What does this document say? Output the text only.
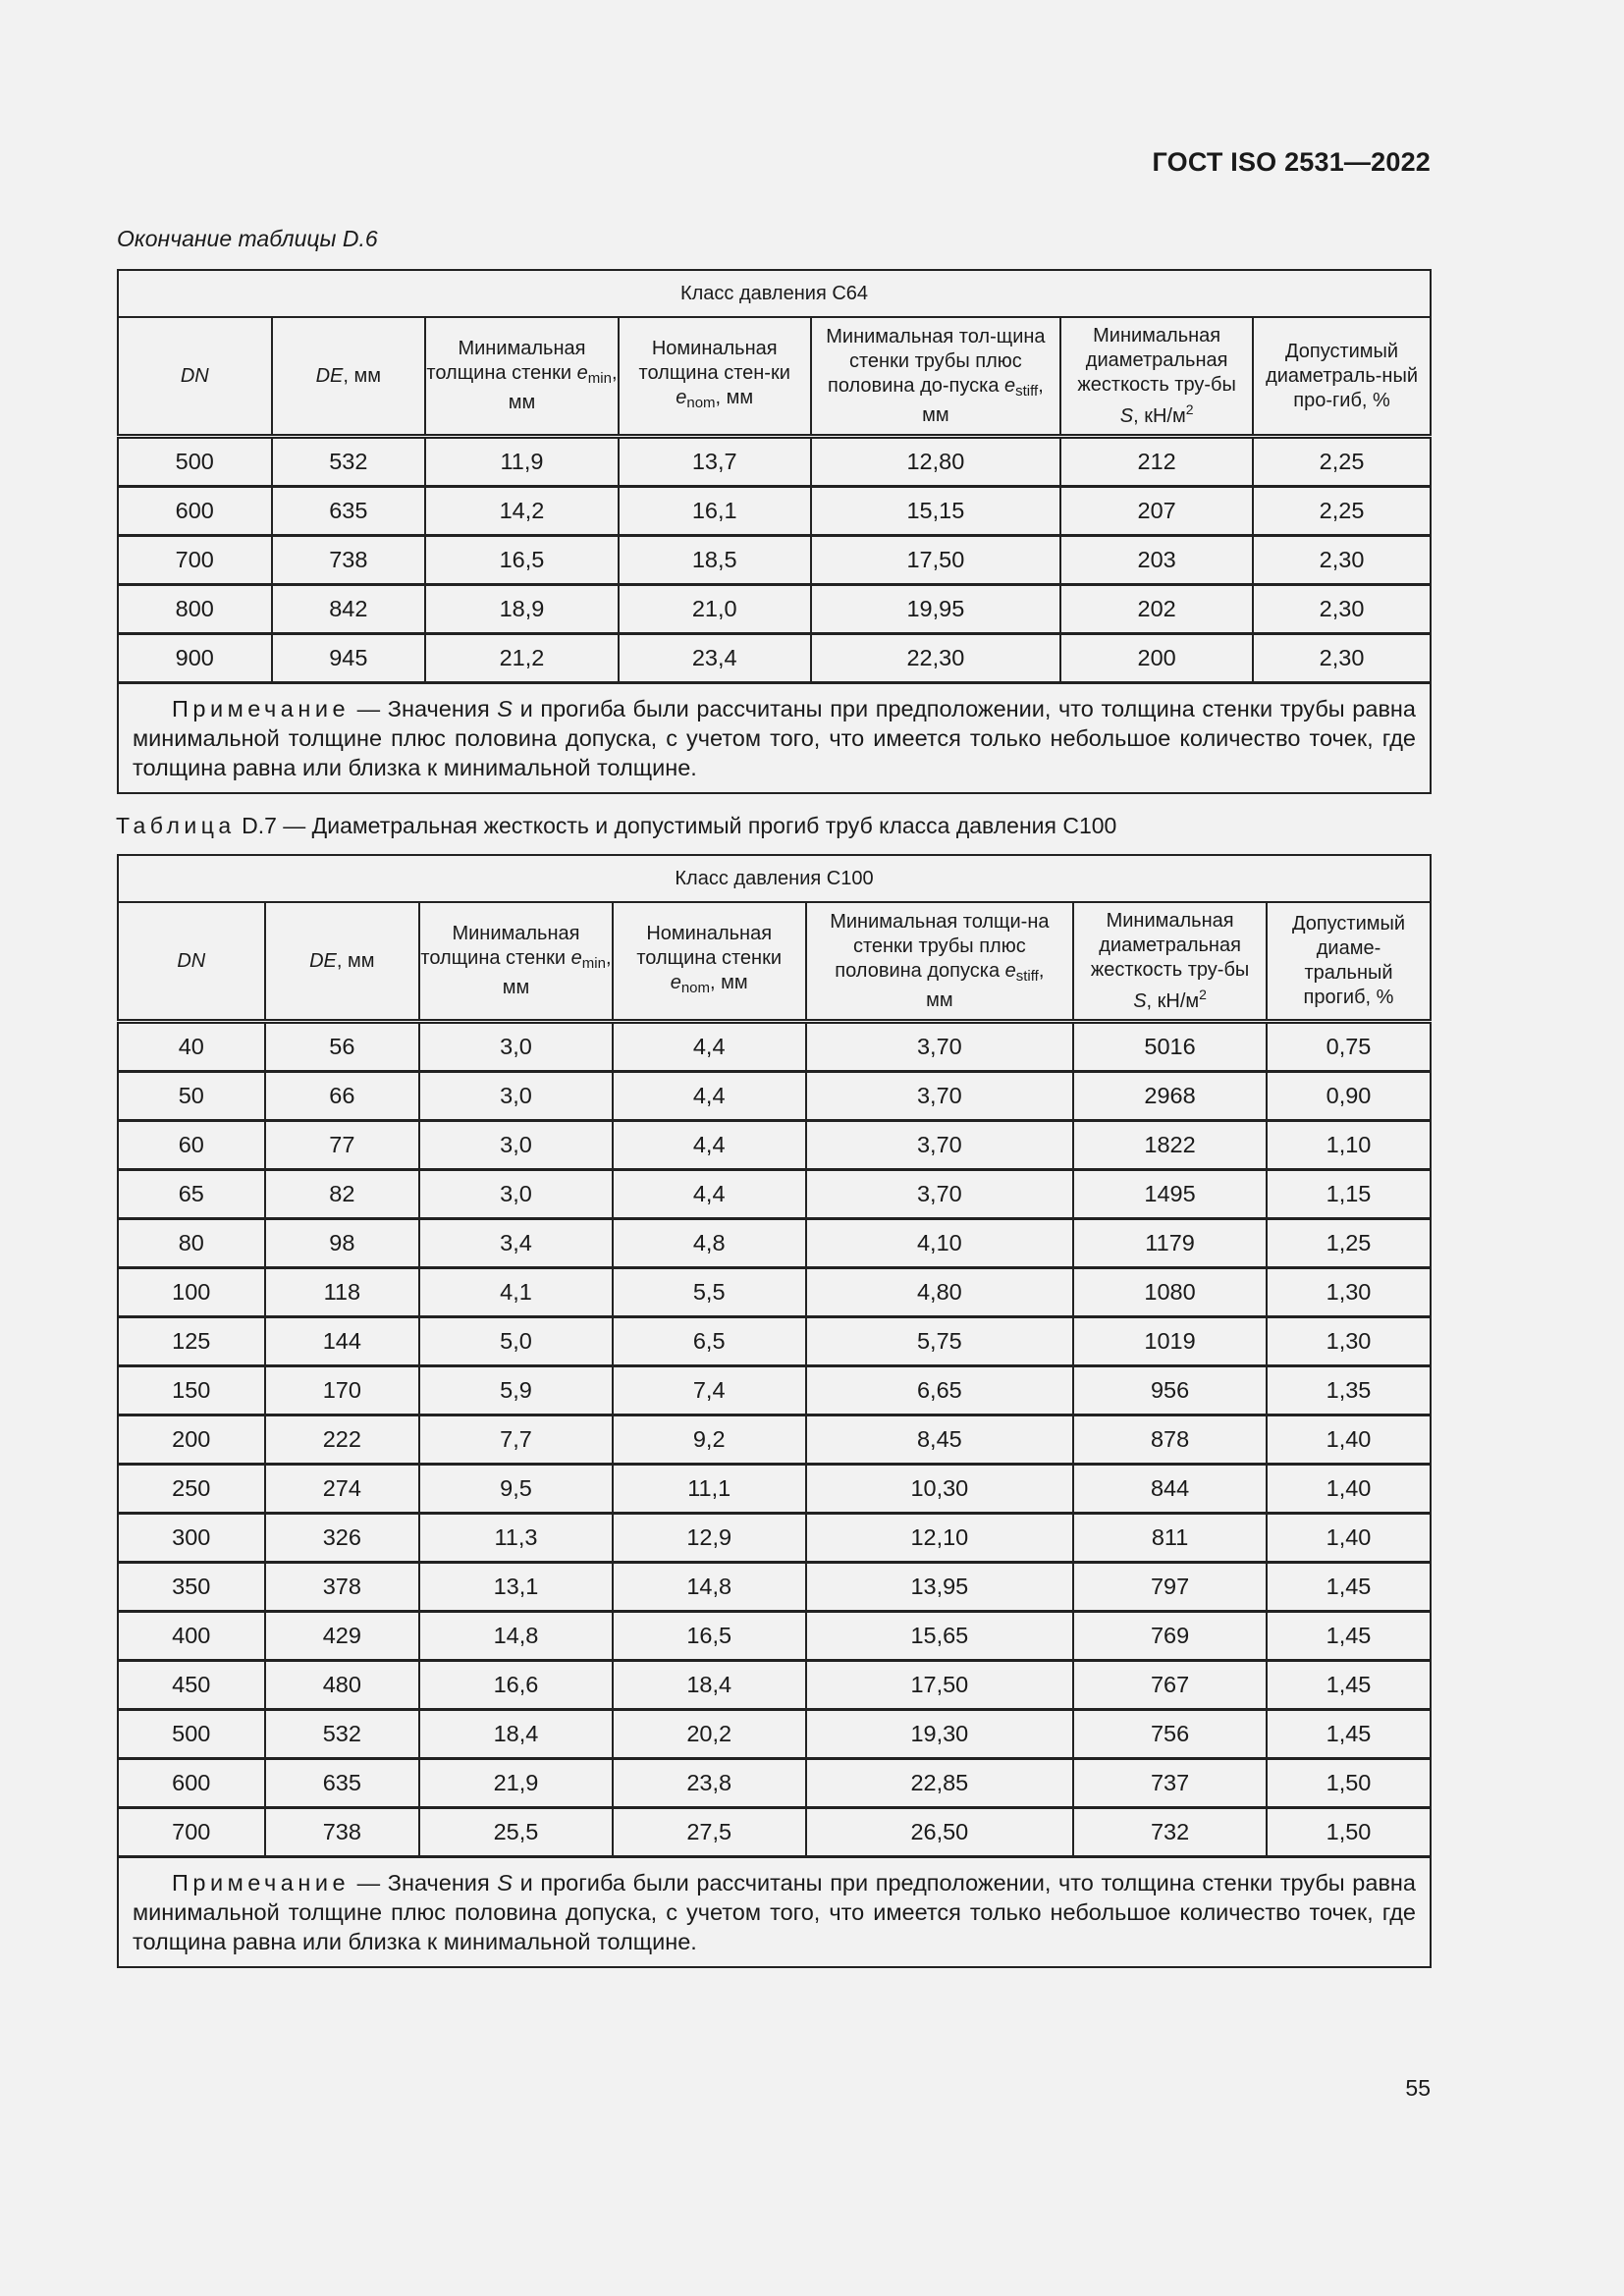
ГОСТ ISO 2531—2022
Окончание таблицы D.6
Класс давления С64						
DN	DE, мм	Минимальная толщина стенки $e_{min}$, мм	Номинальная толщина стен-ки $e_{nom}$, мм	Минимальная тол-щина стенки трубы плюс половина до-пуска $e_{stiff}$, мм	Минимальная диаметральная жесткость тру-бы S, $кН/м^2$	Допустимый диаметраль-ный про-гиб, %
500	532	11,9	13,7	12,80	212	2,25
600	635	14,2	16,1	15,15	207	2,25
700	738	16,5	18,5	17,50	203	2,30
800	842	18,9	21,0	19,95	202	2,30
900	945	21,2	23,4	22,30	200	2,30
Примечание — Значения S и прогиба были рассчитаны при предположении, что толщина стенки трубы равна минимальной толщине плюс половина допуска, с учетом того, что имеется только небольшое количество точек, где толщина равна или близка к минимальной толщине.						
Таблица D.7 — Диаметральная жесткость и допустимый прогиб труб класса давления С100
Класс давления С100						
DN	DE, мм	Минимальная толщина стенки $e_{min}$, мм	Номинальная толщина стенки $e_{nom}$, мм	Минимальная толщи-на стенки трубы плюс половина допуска $e_{stiff}$, мм	Минимальная диаметральная жесткость тру-бы S, $кН/м^2$	Допустимый диаме-тральный прогиб, %
40	56	3,0	4,4	3,70	5016	0,75
50	66	3,0	4,4	3,70	2968	0,90
60	77	3,0	4,4	3,70	1822	1,10
65	82	3,0	4,4	3,70	1495	1,15
80	98	3,4	4,8	4,10	1179	1,25
100	118	4,1	5,5	4,80	1080	1,30
125	144	5,0	6,5	5,75	1019	1,30
150	170	5,9	7,4	6,65	956	1,35
200	222	7,7	9,2	8,45	878	1,40
250	274	9,5	11,1	10,30	844	1,40
300	326	11,3	12,9	12,10	811	1,40
350	378	13,1	14,8	13,95	797	1,45
400	429	14,8	16,5	15,65	769	1,45
450	480	16,6	18,4	17,50	767	1,45
500	532	18,4	20,2	19,30	756	1,45
600	635	21,9	23,8	22,85	737	1,50
700	738	25,5	27,5	26,50	732	1,50
Примечание — Значения S и прогиба были рассчитаны при предположении, что толщина стенки трубы равна минимальной толщине плюс половина допуска, с учетом того, что имеется только небольшое количество точек, где толщина равна или близка к минимальной толщине.						
55
